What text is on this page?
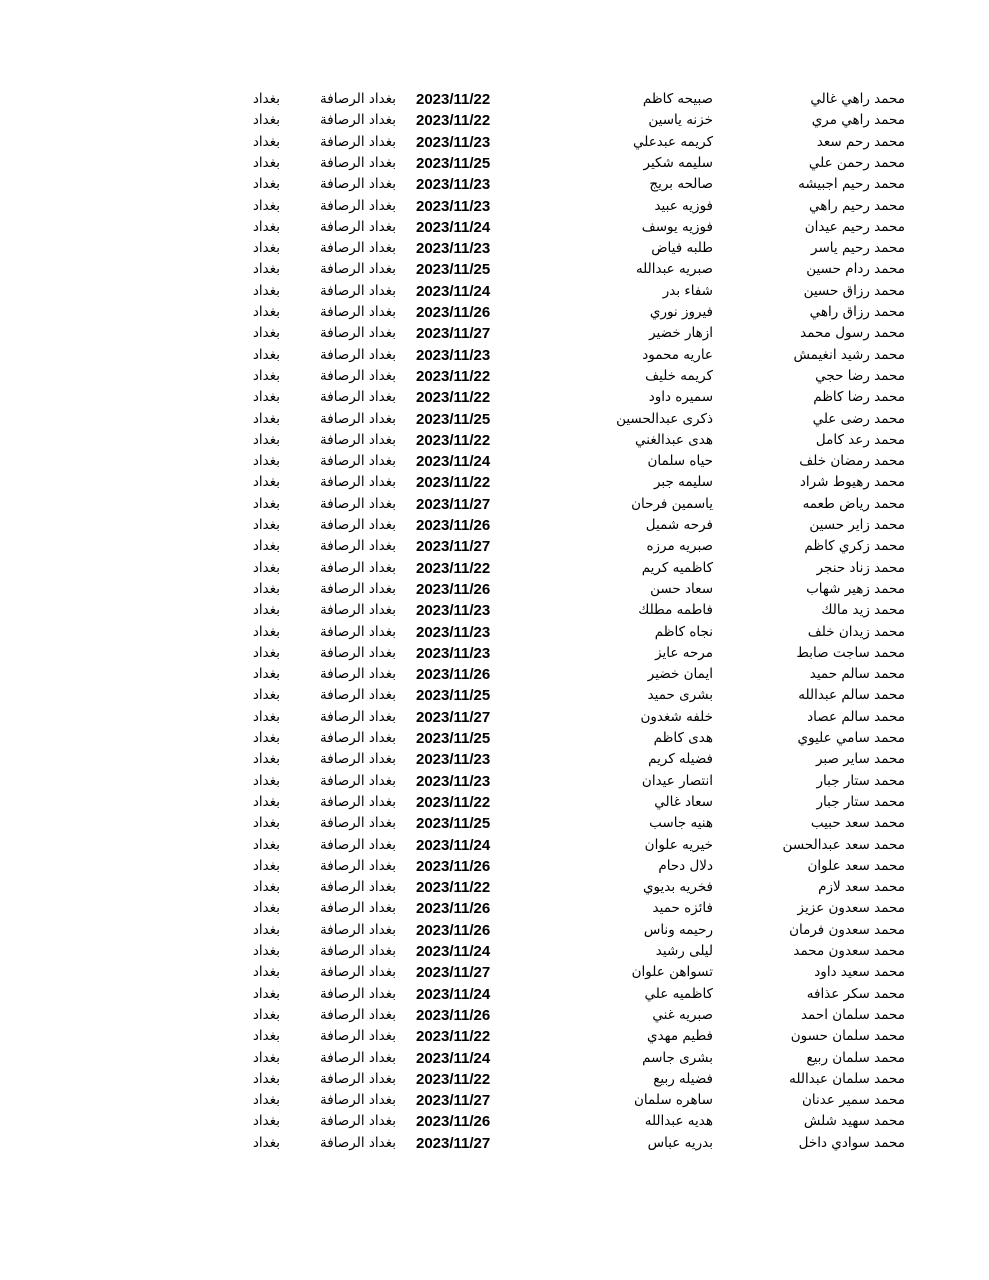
محمد راهي غالي
صبيحه كاظم
2023/11/22
بغداد الرصافة
بغداد
محمد راهي مري
خزنه ياسين
2023/11/22
بغداد الرصافة
بغداد
محمد رحم سعد
كريمه عبدعلي
2023/11/23
بغداد الرصافة
بغداد
محمد رحمن علي
سليمه شكير
2023/11/25
بغداد الرصافة
بغداد
محمد رحيم اجبيشه
صالحه بريج
2023/11/23
بغداد الرصافة
بغداد
محمد رحيم راهي
فوزيه عبيد
2023/11/23
بغداد الرصافة
بغداد
محمد رحيم عيدان
فوزيه يوسف
2023/11/24
بغداد الرصافة
بغداد
محمد رحيم ياسر
طلبه فياض
2023/11/23
بغداد الرصافة
بغداد
محمد ردام حسين
صبريه عبدالله
2023/11/25
بغداد الرصافة
بغداد
محمد رزاق حسين
شفاء بدر
2023/11/24
بغداد الرصافة
بغداد
محمد رزاق راهي
فيروز نوري
2023/11/26
بغداد الرصافة
بغداد
محمد رسول محمد
ازهار خضير
2023/11/27
بغداد الرصافة
بغداد
محمد رشيد انغيمش
عاريه محمود
2023/11/23
بغداد الرصافة
بغداد
محمد رضا حجي
كريمه خليف
2023/11/22
بغداد الرصافة
بغداد
محمد رضا كاظم
سميره داود
2023/11/22
بغداد الرصافة
بغداد
محمد رضى علي
ذكرى عبدالحسين
2023/11/25
بغداد الرصافة
بغداد
محمد رعد كامل
هدى عبدالغني
2023/11/22
بغداد الرصافة
بغداد
محمد رمضان خلف
حياه سلمان
2023/11/24
بغداد الرصافة
بغداد
محمد رهيوط شراد
سليمه جبر
2023/11/22
بغداد الرصافة
بغداد
محمد رياض طعمه
ياسمين فرحان
2023/11/27
بغداد الرصافة
بغداد
محمد زاير حسين
فرحه شميل
2023/11/26
بغداد الرصافة
بغداد
محمد زكري كاظم
صبريه مرزه
2023/11/27
بغداد الرصافة
بغداد
محمد زناد حنجر
كاظميه كريم
2023/11/22
بغداد الرصافة
بغداد
محمد زهير شهاب
سعاد حسن
2023/11/26
بغداد الرصافة
بغداد
محمد زيد مالك
فاطمه مطلك
2023/11/23
بغداد الرصافة
بغداد
محمد زيدان خلف
نجاه كاظم
2023/11/23
بغداد الرصافة
بغداد
محمد ساجت صابط
مرحه عايز
2023/11/23
بغداد الرصافة
بغداد
محمد سالم حميد
ايمان خضير
2023/11/26
بغداد الرصافة
بغداد
محمد سالم عبدالله
بشرى حميد
2023/11/25
بغداد الرصافة
بغداد
محمد سالم عصاد
خلفه شغدون
2023/11/27
بغداد الرصافة
بغداد
محمد سامي عليوي
هدى كاظم
2023/11/25
بغداد الرصافة
بغداد
محمد ساير صبر
فضيله كريم
2023/11/23
بغداد الرصافة
بغداد
محمد ستار جبار
انتصار عيدان
2023/11/23
بغداد الرصافة
بغداد
محمد ستار جبار
سعاد غالي
2023/11/22
بغداد الرصافة
بغداد
محمد سعد حبيب
هنيه جاسب
2023/11/25
بغداد الرصافة
بغداد
محمد سعد عبدالحسن
خيريه علوان
2023/11/24
بغداد الرصافة
بغداد
محمد سعد علوان
دلال دحام
2023/11/26
بغداد الرصافة
بغداد
محمد سعد لازم
فخريه بديوي
2023/11/22
بغداد الرصافة
بغداد
محمد سعدون عزيز
فائزه حميد
2023/11/26
بغداد الرصافة
بغداد
محمد سعدون فرمان
رحيمه وناس
2023/11/26
بغداد الرصافة
بغداد
محمد سعدون محمد
ليلى رشيد
2023/11/24
بغداد الرصافة
بغداد
محمد سعيد داود
تسواهن علوان
2023/11/27
بغداد الرصافة
بغداد
محمد سكر عذافه
كاظميه علي
2023/11/24
بغداد الرصافة
بغداد
محمد سلمان احمد
صبريه غني
2023/11/26
بغداد الرصافة
بغداد
محمد سلمان حسون
فطيم مهدي
2023/11/22
بغداد الرصافة
بغداد
محمد سلمان ربيع
بشرى جاسم
2023/11/24
بغداد الرصافة
بغداد
محمد سلمان عبدالله
فضيله ربيع
2023/11/22
بغداد الرصافة
بغداد
محمد سمير عدنان
ساهره سلمان
2023/11/27
بغداد الرصافة
بغداد
محمد سهيد شلش
هديه عبدالله
2023/11/26
بغداد الرصافة
بغداد
محمد سوادي داخل
بدريه عباس
2023/11/27
بغداد الرصافة
بغداد
